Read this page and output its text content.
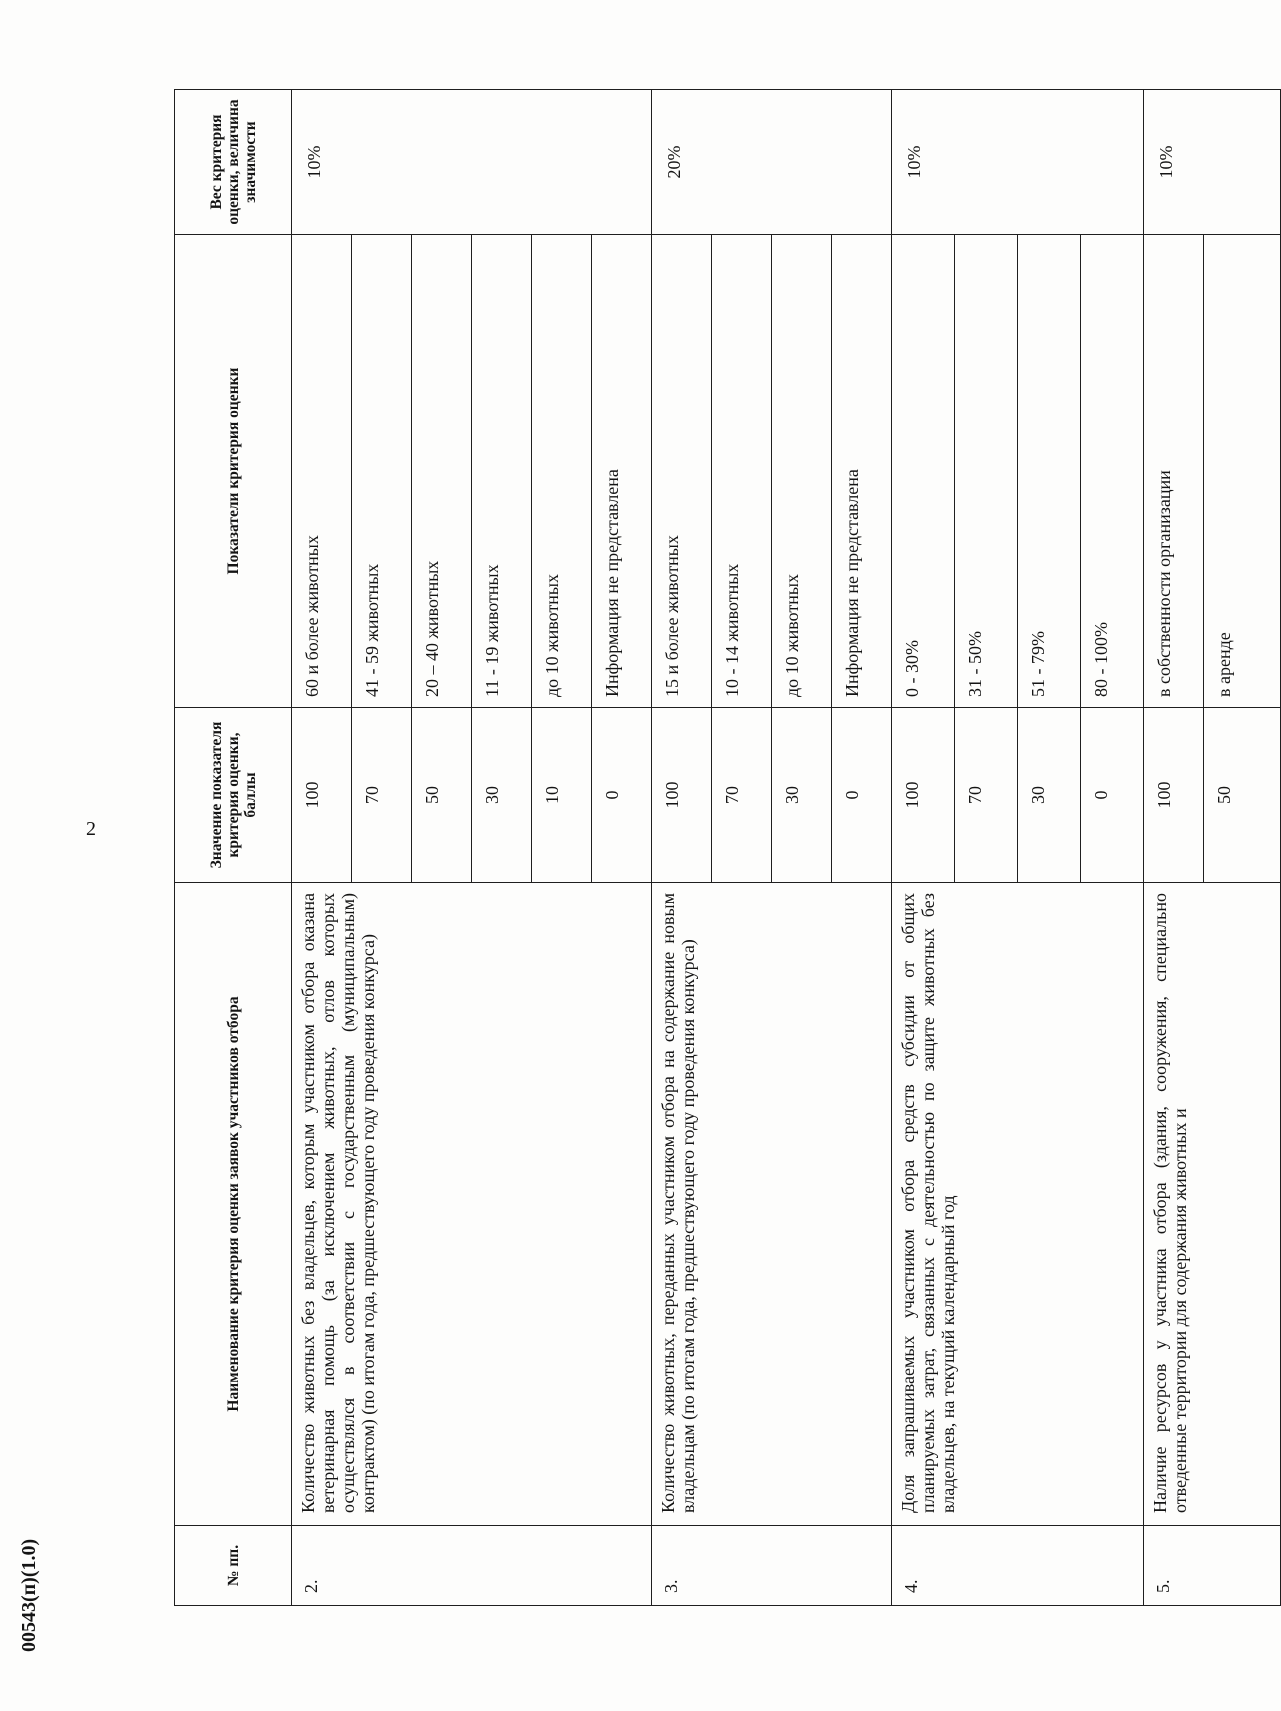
2
00543(п)(1.0)	№ пп.	Наименование критерия оценки заявок участников отбора	Значение показателя критерия оценки, баллы	Показатели критерия оценки	Вес критерия оценки, величина значимости
2.	Количество животных без владельцев, которым участником отбора оказана ветеринарная помощь (за исключением животных, отлов которых осуществлялся в соответствии с государственным (муниципальным) контрактом) (по итогам года, предшествующего году проведения конкурса)	100	60 и более животных	10%
		70	41 - 59 животных	
		50	20 – 40 животных	
		30	11 - 19 животных	
		10	до 10 животных	
		0	Информация не представлена	
3.	Количество животных, переданных участником отбора на содержание новым владельцам (по итогам года, предшествующего году проведения конкурса)	100	15 и более животных	20%
		70	10 - 14 животных	
		30	до 10 животных	
		0	Информация не представлена	
4.	Доля запрашиваемых участником отбора средств субсидии от общих планируемых затрат, связанных с деятельностью по защите животных без владельцев, на текущий календарный год	100	0 - 30%	10%
		70	31 - 50%	
		30	51 - 79%	
		0	80 - 100%	
5.	Наличие ресурсов у участника отбора (здания, сооружения, специально отведенные территории для содержания животных и	100	в собственности организации	10%
		50	в аренде	
